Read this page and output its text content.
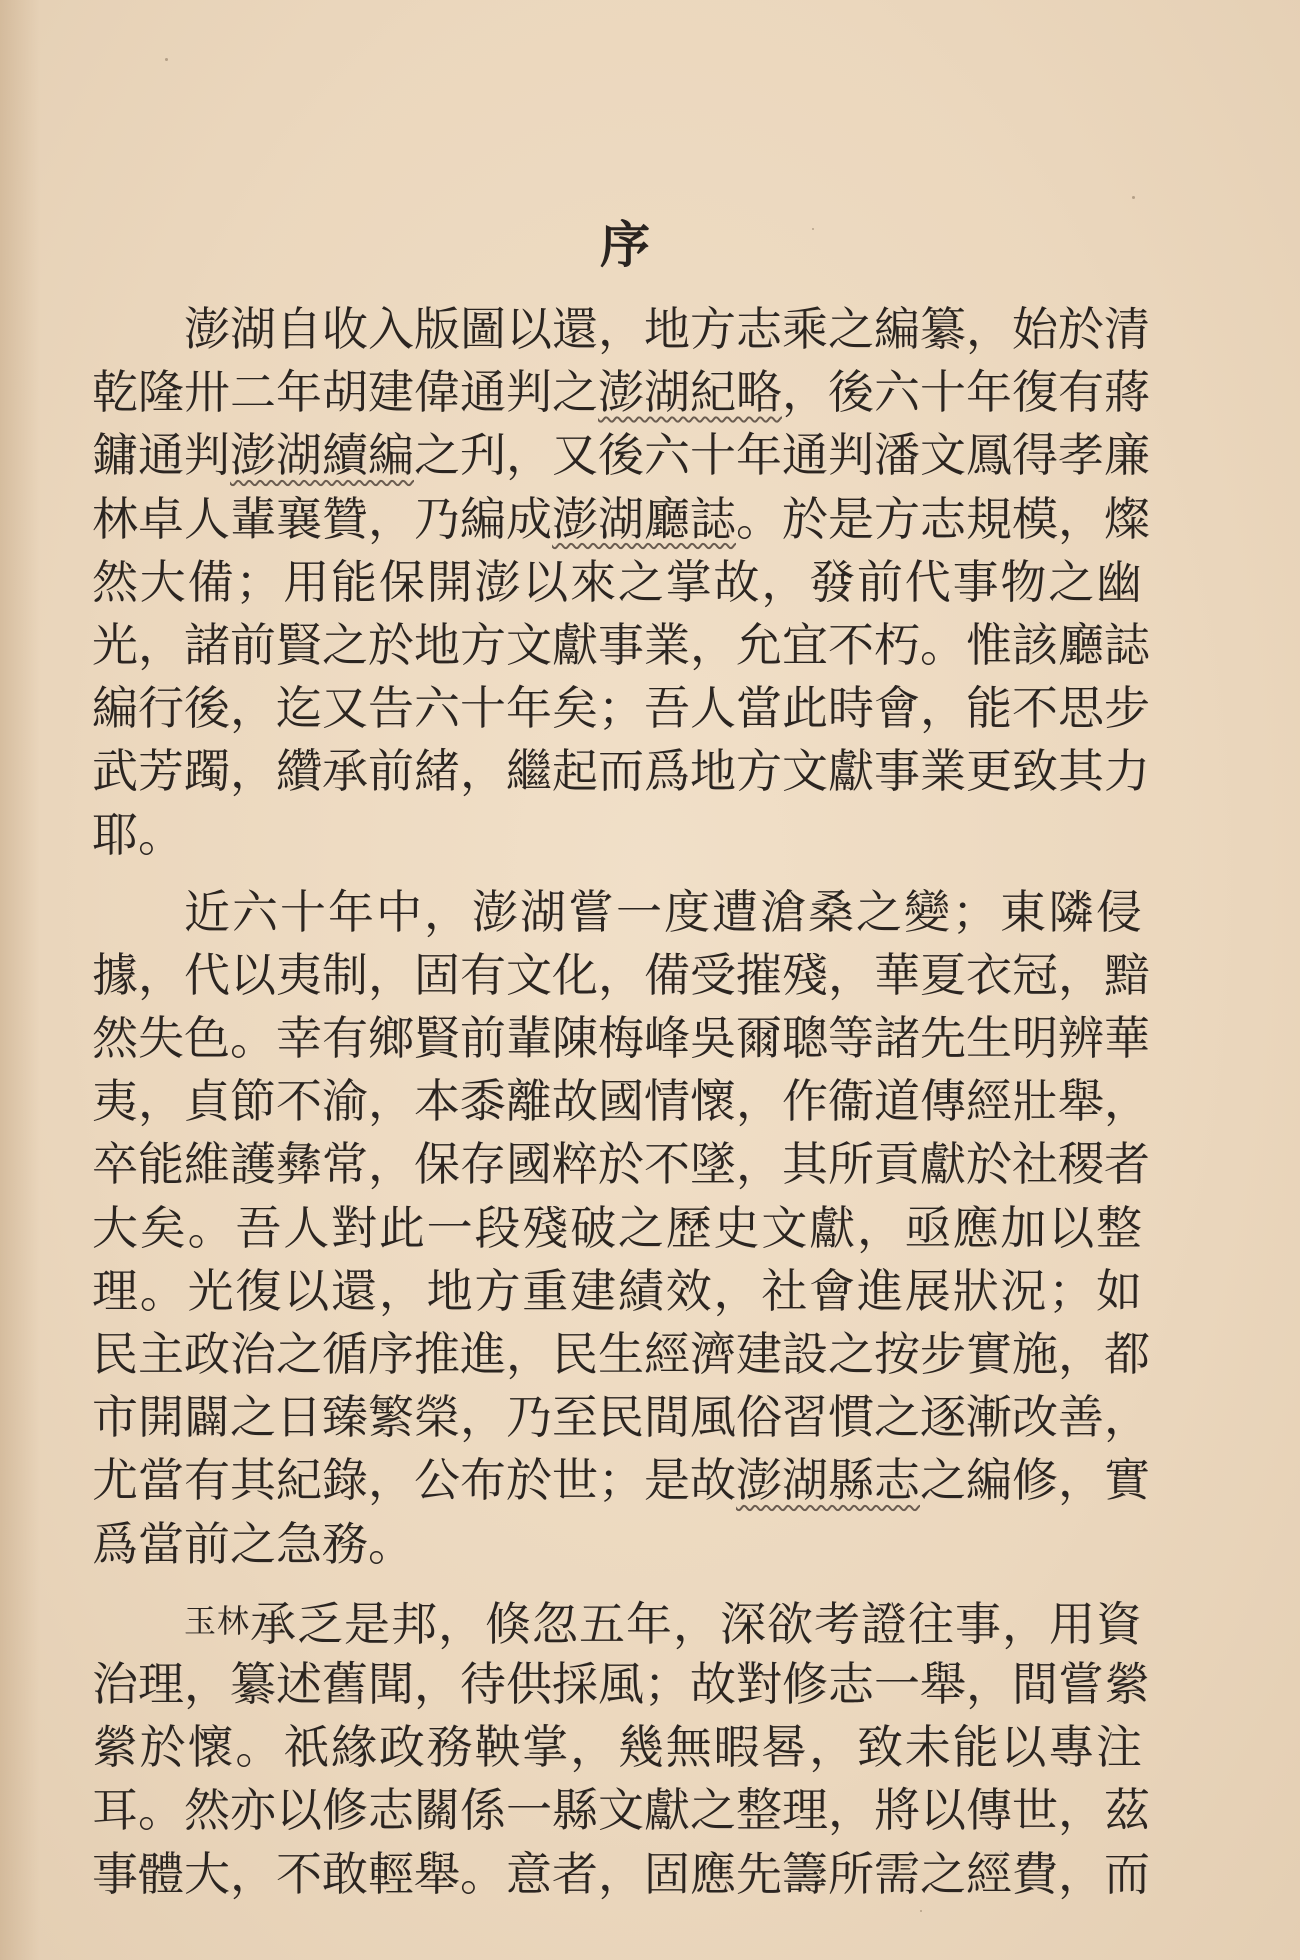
序
澎湖自收入版圖以還，地方志乘之編纂，始於清
乾隆卅二年胡建偉通判之澎湖紀略，後六十年復有蔣
鏞通判澎湖續編之刋，又後六十年通判潘文鳳得孝廉
林卓人輩襄贊，乃編成澎湖廳誌。於是方志規模，燦
然大備；用能保開澎以來之掌故，發前代事物之幽
光，諸前賢之於地方文獻事業，允宜不朽。惟該廳誌
編行後，迄又告六十年矣；吾人當此時會，能不思步
武芳躅，纘承前緒，繼起而爲地方文獻事業更致其力
耶。
近六十年中，澎湖嘗一度遭滄桑之變；東隣侵
據，代以夷制，固有文化，備受摧殘，華夏衣冠，黯
然失色。幸有鄉賢前輩陳梅峰吳爾聰等諸先生明辨華
夷，貞節不渝，本黍離故國情懷，作衞道傳經壯舉，
卒能維護彝常，保存國粹於不墜，其所貢獻於社稷者
大矣。吾人對此一段殘破之歷史文獻，亟應加以整
理。光復以還，地方重建績效，社會進展狀況；如
民主政治之循序推進，民生經濟建設之按步實施，都
市開闢之日臻繁榮，乃至民間風俗習慣之逐漸改善，
尤當有其紀錄，公布於世；是故澎湖縣志之編修，實
爲當前之急務。
玉林承乏是邦，倏忽五年，深欲考證往事，用資
治理，纂述舊聞，待供採風；故對修志一舉，間嘗縈
縈於懷。祇緣政務鞅掌，幾無暇晷，致未能以專注
耳。然亦以修志關係一縣文獻之整理，將以傳世，茲
事體大，不敢輕舉。意者，固應先籌所需之經費，而
